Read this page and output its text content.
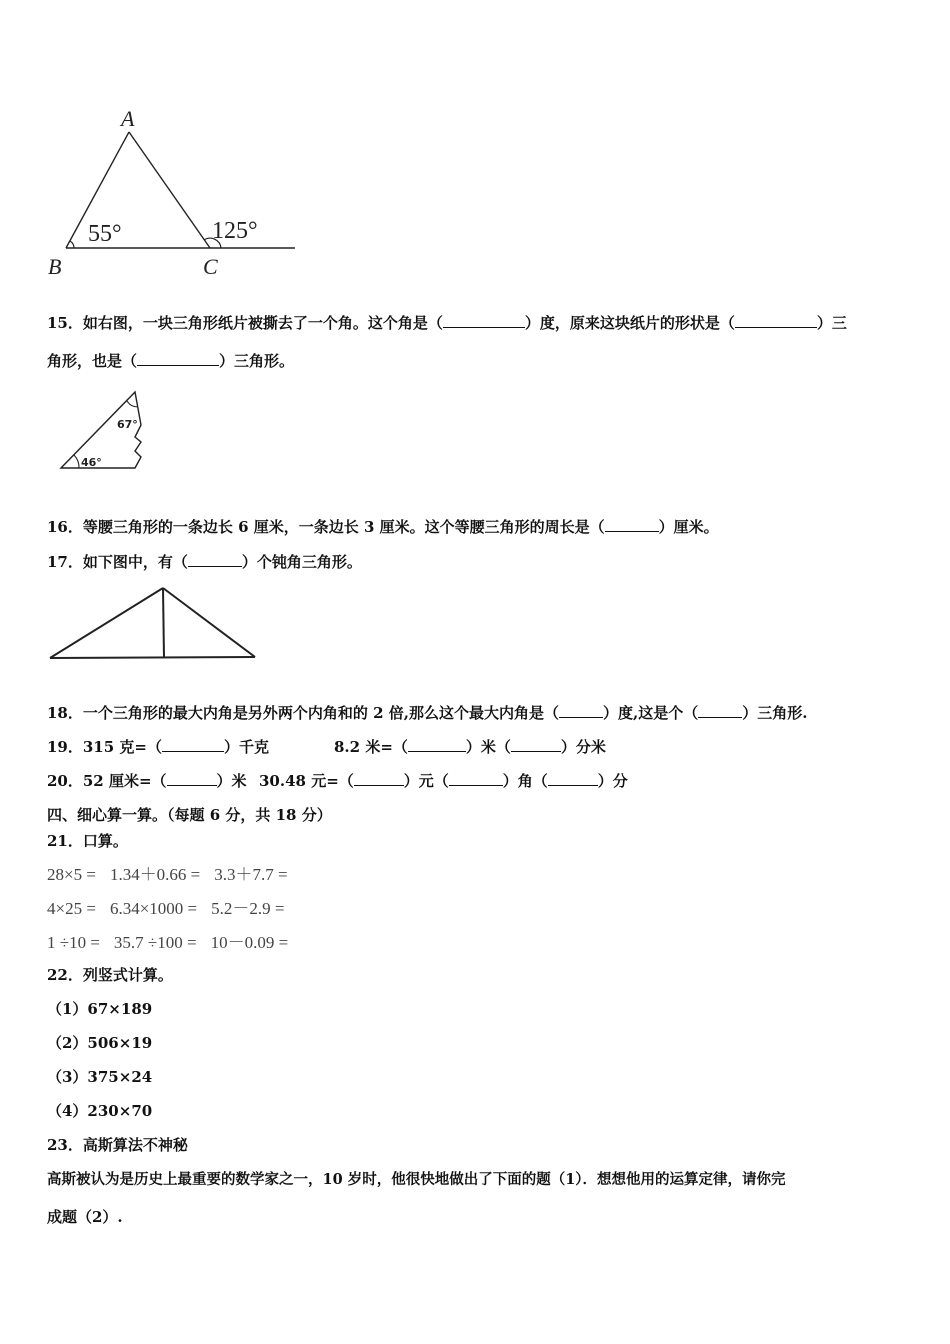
A
B	C
55°	125°
15．如右图，一块三角形纸片被撕去了一个角。这个角是（	）度，原来这块纸片的形状是（	）三
角形，也是（	）三角形。
67°
46°
16．等腰三角形的一条边长 6 厘米，一条边长 3 厘米。这个等腰三角形的周长是（	）厘米。
17．如下图中，有（	）个钝角三角形。
18．一个三角形的最大内角是另外两个内角和的 2 倍,那么这个最大内角是（	）度,这是个（	）三角形.
19．315 克=（	）千克	8.2 米=（	）米（	）分米
20．52 厘米=（	）米 30.48 元=（	）元（	）角（	）分
四、细心算一算。（每题 6 分，共 18 分）
21．口算。
28×5 = 1.34＋0.66 = 3.3＋7.7 =
4×25 = 6.34×1000 = 5.2－2.9 =
1 ÷10 = 35.7 ÷100 = 10－0.09 =
22．列竖式计算。
（1）67×189
（2）506×19
（3）375×24
（4）230×70
23．高斯算法不神秘
高斯被认为是历史上最重要的数学家之一，10 岁时，他很快地做出了下面的题（1）．想想他用的运算定律，请你完
成题（2）.
